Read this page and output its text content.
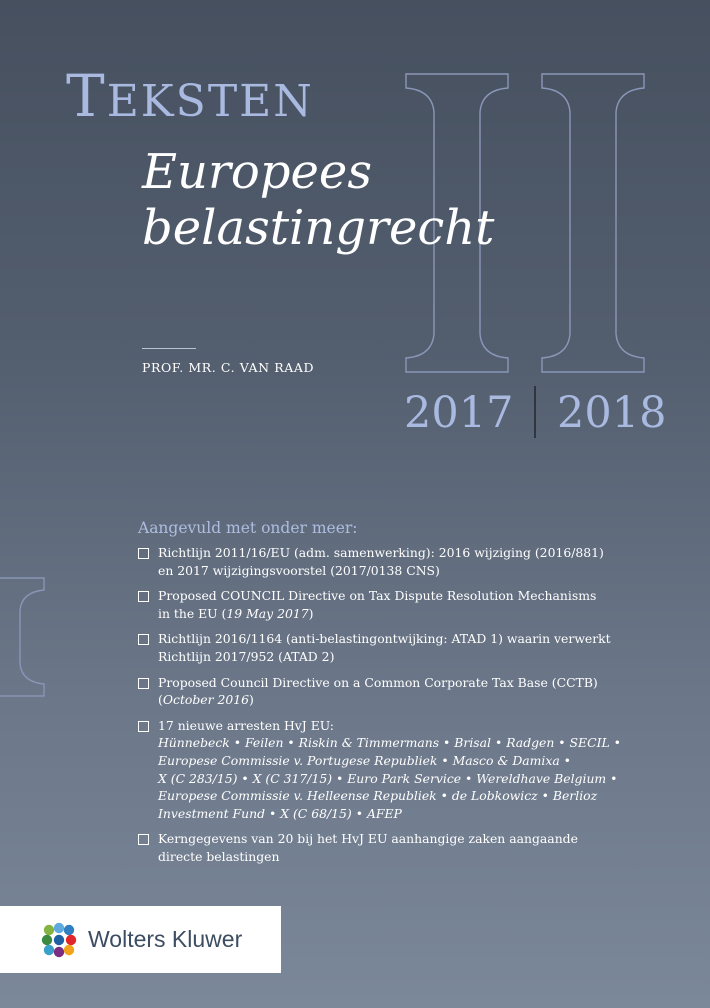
TEKSTEN
Europees
belastingrecht
PROF. MR. C. VAN RAAD
2017 2018
Aangevuld met onder meer:
Richtlijn 2011/16/EU (adm. samenwerking): 2016 wijziging (2016/881)
en 2017 wijzigingsvoorstel (2017/0138 CNS)
Proposed COUNCIL Directive on Tax Dispute Resolution Mechanisms
in the EU (19 May 2017)
Richtlijn 2016/1164 (anti-belastingontwijking: ATAD 1) waarin verwerkt
Richtlijn 2017/952 (ATAD 2)
Proposed Council Directive on a Common Corporate Tax Base (CCTB)
(October 2016)
17 nieuwe arresten HvJ EU:
Hünnebeck • Feilen • Riskin & Timmermans • Brisal • Radgen • SECIL •
Europese Commissie v. Portugese Republiek • Masco & Damixa •
X (C 283/15) • X (C 317/15) • Euro Park Service • Wereldhave Belgium •
Europese Commissie v. Helleense Republiek • de Lobkowicz • Berlioz
Investment Fund • X (C 68/15) • AFEP
Kerngegevens van 20 bij het HvJ EU aanhangige zaken aangaande
directe belastingen
Wolters Kluwer
